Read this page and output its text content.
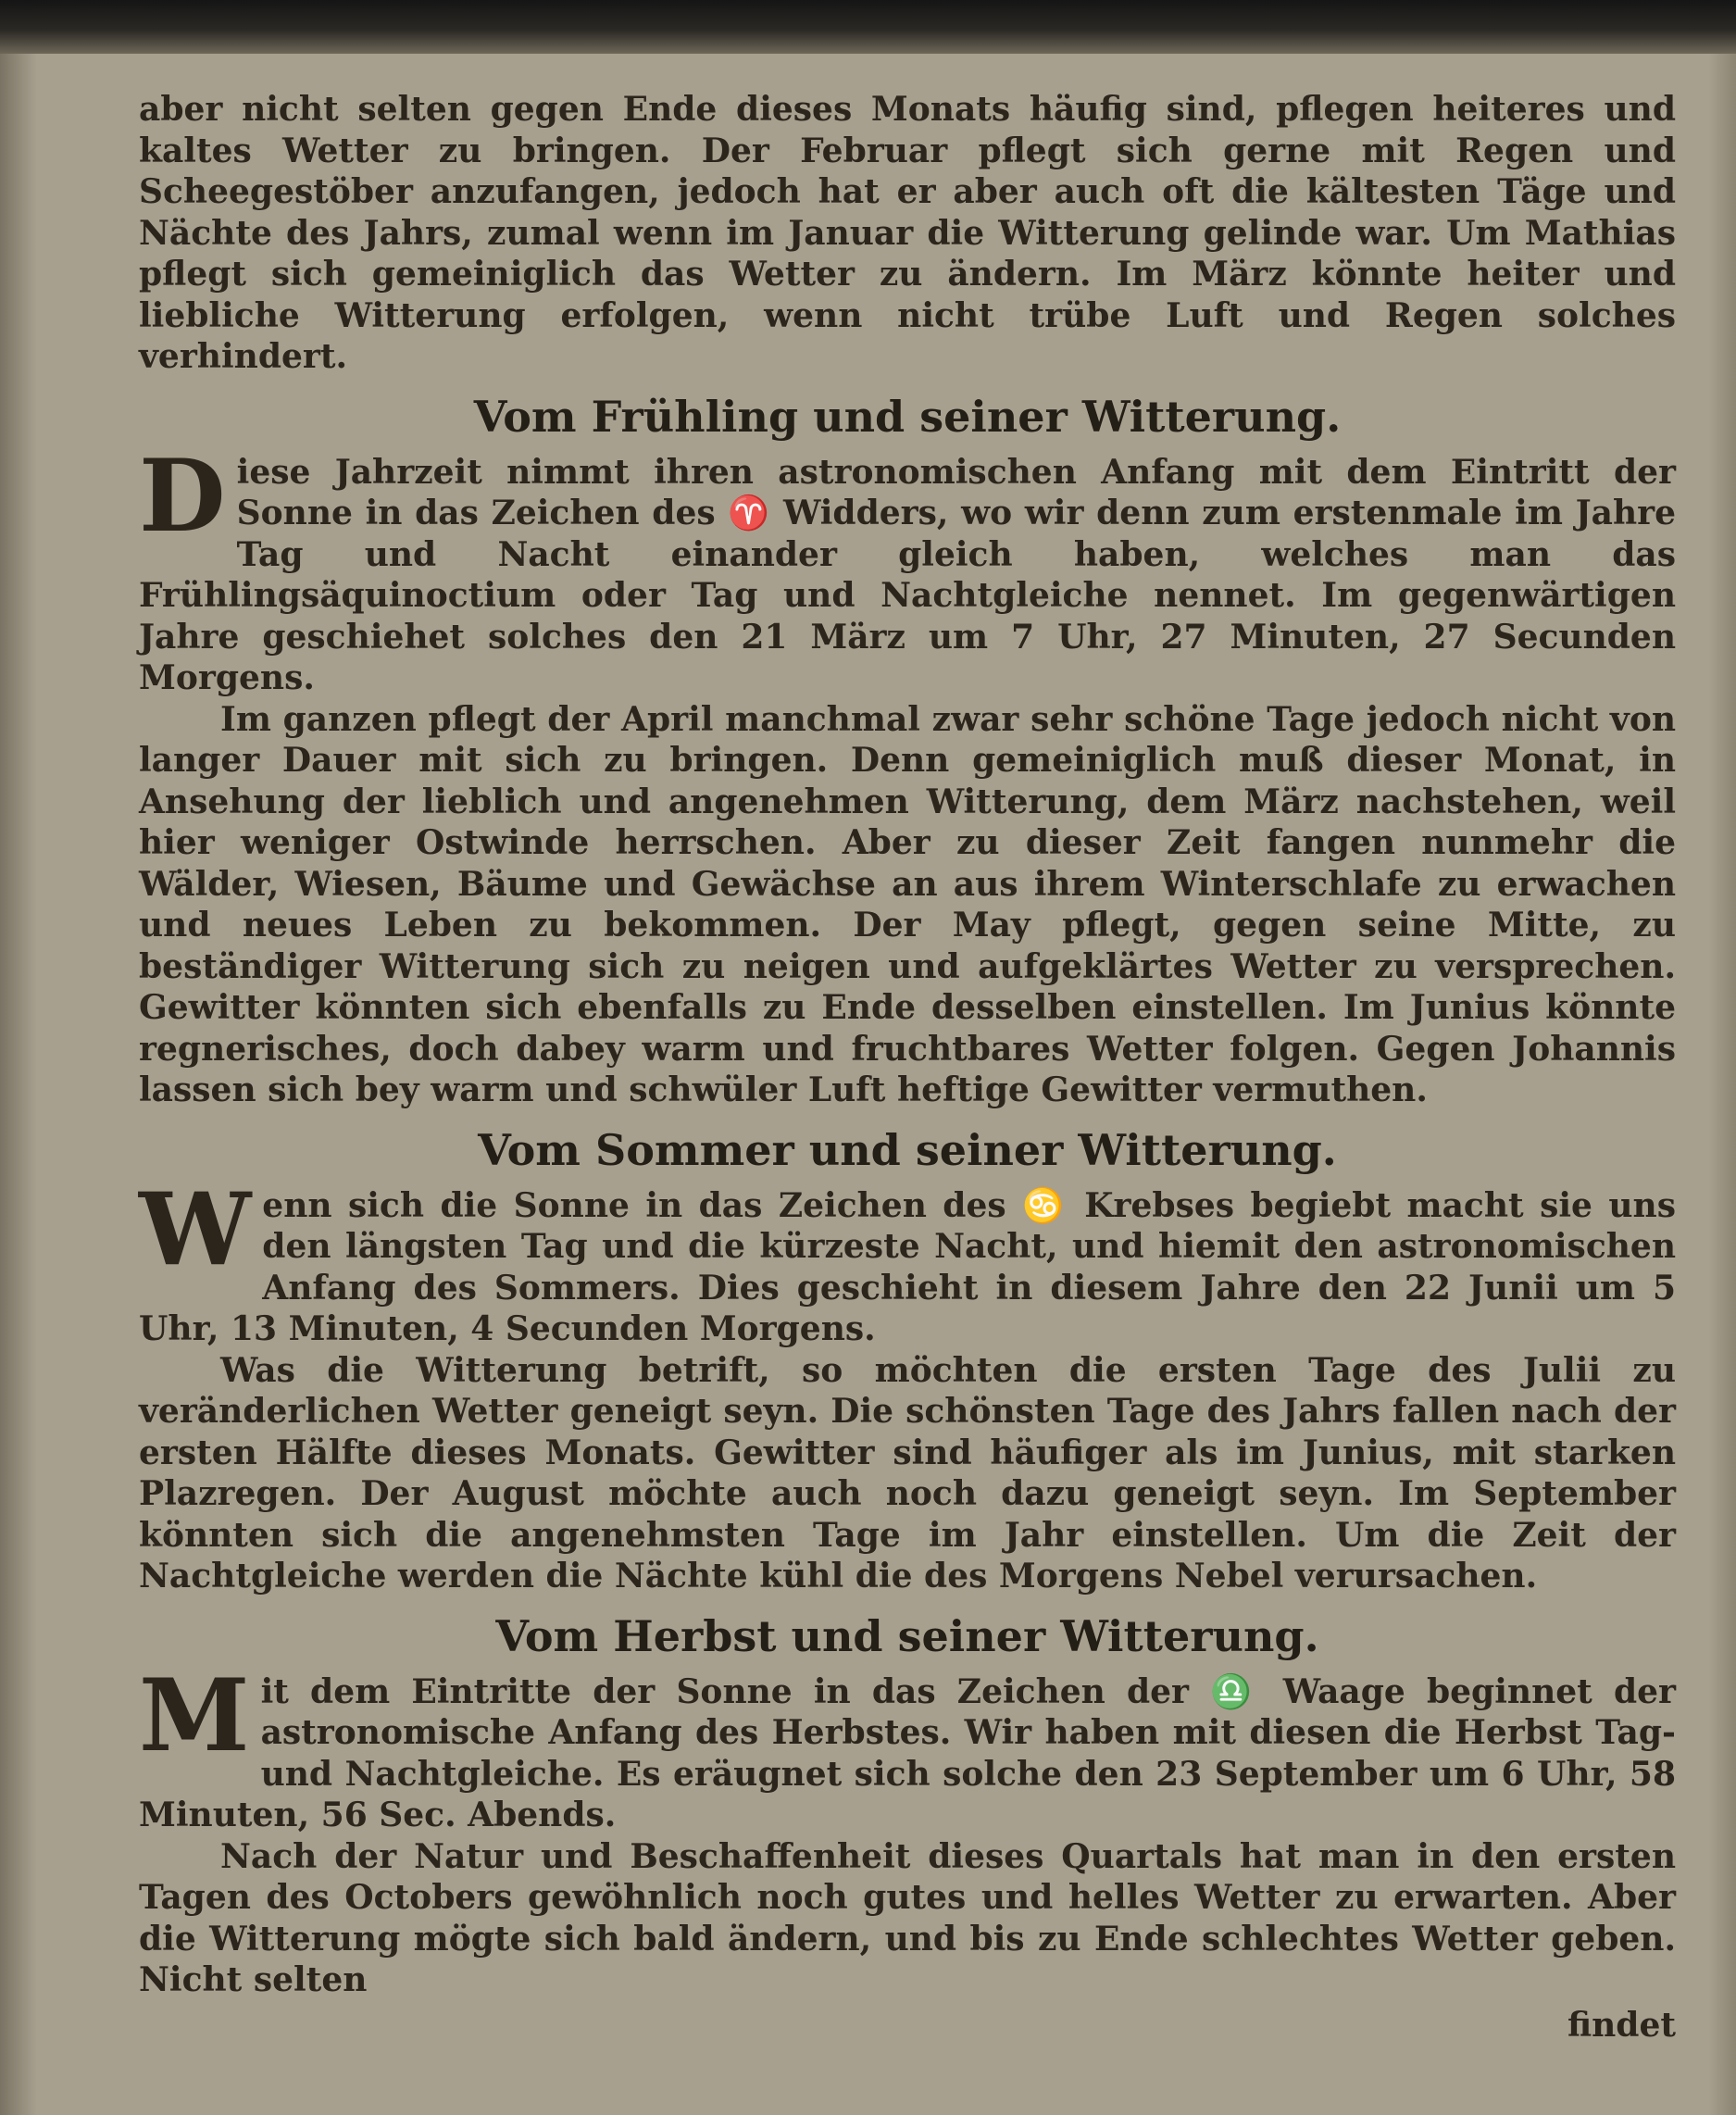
aber nicht selten gegen Ende dieses Monats häufig sind, pflegen heiteres und kaltes Wetter zu bringen. Der Februar pflegt sich gerne mit Regen und Scheegestöber anzufangen, jedoch hat er aber auch oft die kältesten Täge und Nächte des Jahrs, zumal wenn im Januar die Witterung gelinde war. Um Mathias pflegt sich gemeiniglich das Wetter zu ändern. Im März könnte heiter und liebliche Witterung erfolgen, wenn nicht trübe Luft und Regen solches verhindert.

Vom Frühling und seiner Witterung.

Diese Jahrzeit nimmt ihren astronomischen Anfang mit dem Eintritt der Sonne in das Zeichen des ♈ Widders, wo wir denn zum erstenmale im Jahre Tag und Nacht einander gleich haben, welches man das Frühlingsäquinoctium oder Tag und Nachtgleiche nennet. Im gegenwärtigen Jahre geschiehet solches den 21 März um 7 Uhr, 27 Minuten, 27 Secunden Morgens.

Im ganzen pflegt der April manchmal zwar sehr schöne Tage jedoch nicht von langer Dauer mit sich zu bringen. Denn gemeiniglich muß dieser Monat, in Ansehung der lieblich und angenehmen Witterung, dem März nachstehen, weil hier weniger Ostwinde herrschen. Aber zu dieser Zeit fangen nunmehr die Wälder, Wiesen, Bäume und Gewächse an aus ihrem Winterschlafe zu erwachen und neues Leben zu bekommen. Der May pflegt, gegen seine Mitte, zu beständiger Witterung sich zu neigen und aufgeklärtes Wetter zu versprechen. Gewitter könnten sich ebenfalls zu Ende desselben einstellen. Im Junius könnte regnerisches, doch dabey warm und fruchtbares Wetter folgen. Gegen Johannis lassen sich bey warm und schwüler Luft heftige Gewitter vermuthen.

Vom Sommer und seiner Witterung.

Wenn sich die Sonne in das Zeichen des ♋ Krebses begiebt macht sie uns den längsten Tag und die kürzeste Nacht, und hiemit den astronomischen Anfang des Sommers. Dies geschieht in diesem Jahre den 22 Junii um 5 Uhr, 13 Minuten, 4 Secunden Morgens.

Was die Witterung betrift, so möchten die ersten Tage des Julii zu veränderlichen Wetter geneigt seyn. Die schönsten Tage des Jahrs fallen nach der ersten Hälfte dieses Monats. Gewitter sind häufiger als im Junius, mit starken Plazregen. Der August möchte auch noch dazu geneigt seyn. Im September könnten sich die angenehmsten Tage im Jahr einstellen. Um die Zeit der Nachtgleiche werden die Nächte kühl die des Morgens Nebel verursachen.

Vom Herbst und seiner Witterung.

Mit dem Eintritte der Sonne in das Zeichen der ♎ Waage beginnet der astronomische Anfang des Herbstes. Wir haben mit diesen die Herbst Tag- und Nachtgleiche. Es eräugnet sich solche den 23 September um 6 Uhr, 58 Minuten, 56 Sec. Abends.

Nach der Natur und Beschaffenheit dieses Quartals hat man in den ersten Tagen des Octobers gewöhnlich noch gutes und helles Wetter zu erwarten. Aber die Witterung mögte sich bald ändern, und bis zu Ende schlechtes Wetter geben. Nicht selten

findet
